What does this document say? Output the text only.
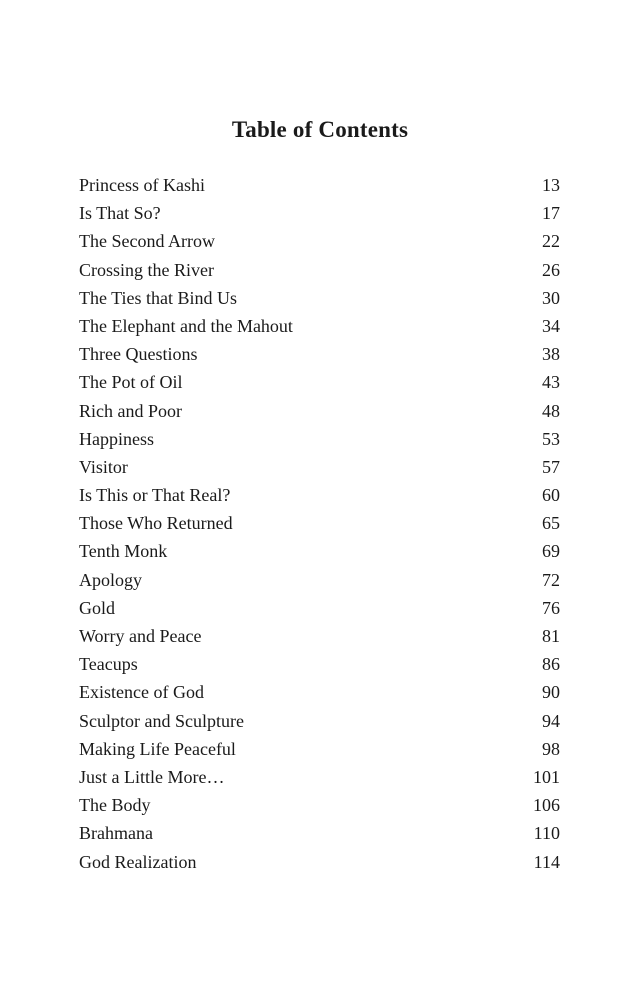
Table of Contents
Princess of Kashi	13
Is That So?	17
The Second Arrow	22
Crossing the River	26
The Ties that Bind Us	30
The Elephant and the Mahout	34
Three Questions	38
The Pot of Oil	43
Rich and Poor	48
Happiness	53
Visitor	57
Is This or That Real?	60
Those Who Returned	65
Tenth Monk	69
Apology	72
Gold	76
Worry and Peace	81
Teacups	86
Existence of God	90
Sculptor and Sculpture	94
Making Life Peaceful	98
Just a Little More…	101
The Body	106
Brahmana	110
God Realization	114
